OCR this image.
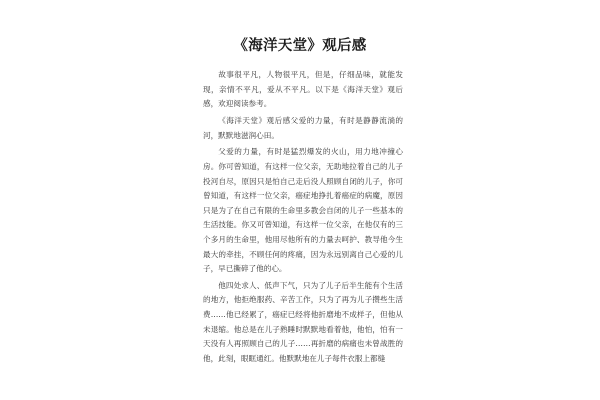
《海洋天堂》观后感

故事很平凡，人物很平凡，但是，仔细品味，就能发现，亲情不平凡，爱从不平凡。以下是《海洋天堂》观后感，欢迎阅读参考。

《海洋天堂》观后感父爱的力量，有时是静静流淌的河，默默地滋润心田。

父爱的力量，有时是猛烈爆发的火山，用力地冲撞心房。你可曾知道，有这样一位父亲，无助地拉着自己的儿子投河自尽，原因只是怕自己走后没人照顾自闭的儿子，你可曾知道，有这样一位父亲，癌症地挣扎着癌症的病魔，原因只是为了在自己有限的生命里多教会自闭的儿子一些基本的生活技能。你又可曾知道，有这样一位父亲，在他仅有的三个多月的生命里，他用尽他所有的力量去呵护、教导他今生最大的牵挂，不顾任何的疼痛，因为永远别离自己心爱的儿子，早已撕碎了他的心。

他四处求人、低声下气，只为了儿子后半生能有个生活的地方，他拒绝服药、辛苦工作，只为了再为儿子攒些生活费……他已经累了，癌症已经将他折磨地不成样子，但他从未退缩。他总是在儿子熟睡时默默地看着他，他怕，怕有一天没有人再照顾自己的儿子……再折磨的病痛也未曾战胜的他，此刻，眼眶通红。他默默地在儿子每件衣服上都缝
